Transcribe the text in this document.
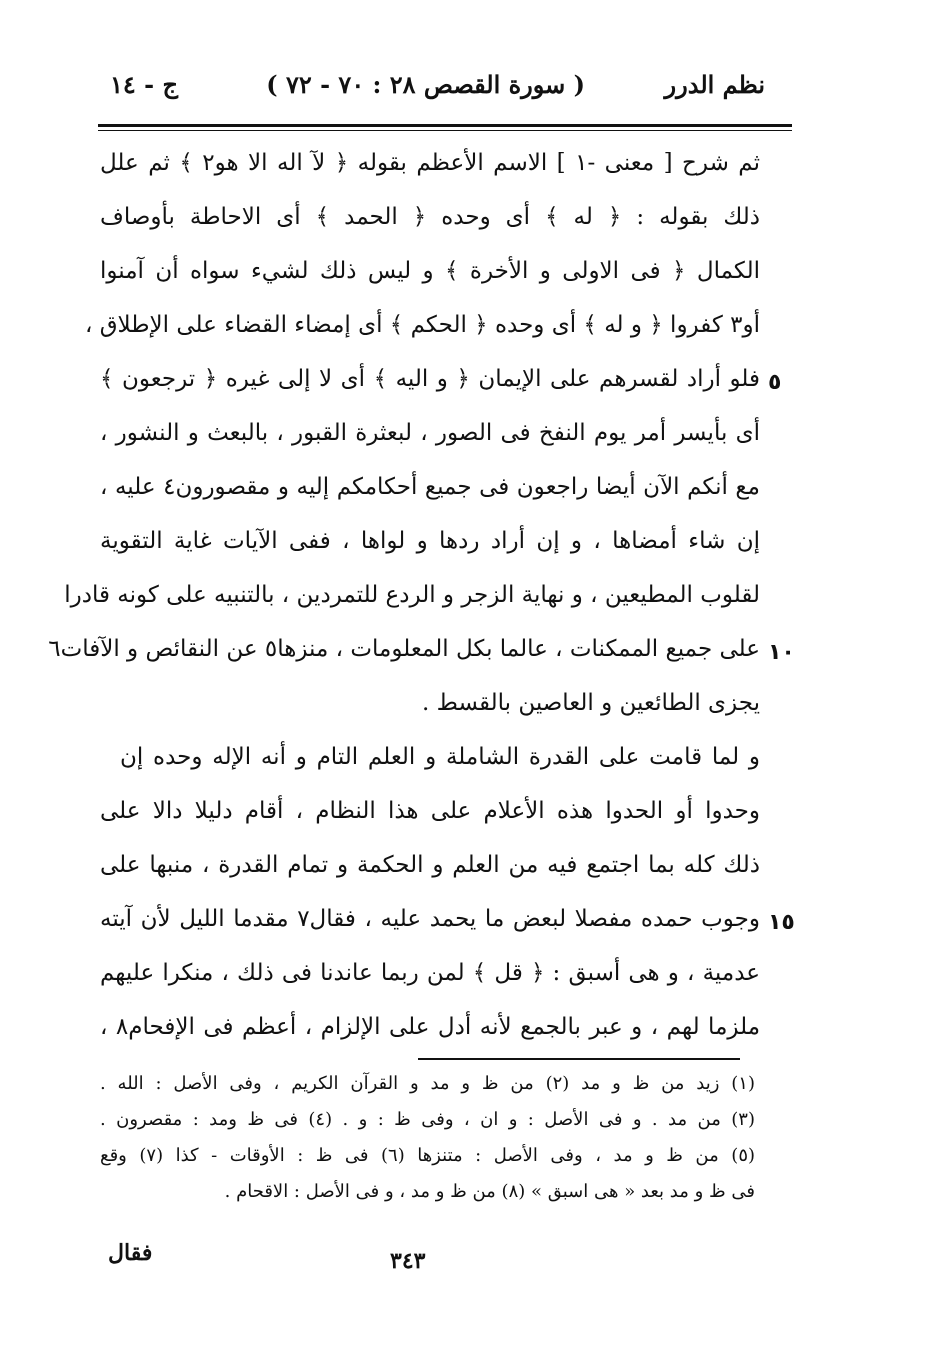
نظم الدرر
( سورة القصص ٢٨ : ٧٠ - ٧٢ )
ج - ١٤
ثم شرح [ معنى -١ ] الاسم الأعظم بقوله ﴿ لآ اله الا هو٢ ﴾ ثم علل
ذلك بقوله : ﴿ له ﴾ أى وحده ﴿ الحمد ﴾ أى الاحاطة بأوصاف
الكمال ﴿ فى الاولى و الأخرة ﴾ و ليس ذلك لشيء سواه أن آمنوا
أو٣ كفروا ﴿ و له ﴾ أى وحده ﴿ الحكم ﴾ أى إمضاء القضاء على الإطلاق ،
فلو أراد لقسرهم على الإيمان ﴿ و اليه ﴾ أى لا إلى غيره ﴿ ترجعون ﴾
أى بأيسر أمر يوم النفخ فى الصور ، لبعثرة القبور ، بالبعث و النشور ،
مع أنكم الآن أيضا راجعون فى جميع أحكامكم إليه و مقصورون٤ عليه ،
إن شاء أمضاها ، و إن أراد ردها و لواها ، ففى الآيات غاية التقوية
لقلوب المطيعين ، و نهاية الزجر و الردع للتمردين ، بالتنبيه على كونه قادرا
على جميع الممكنات ، عالما بكل المعلومات ، منزها٥ عن النقائص و الآفات٦
يجزى الطائعين و العاصين بالقسط .
و لما قامت على القدرة الشاملة و العلم التام و أنه الإله وحده إن
وحدوا أو الحدوا هذه الأعلام على هذا النظام ، أقام دليلا دالا على
ذلك كله بما اجتمع فيه من العلم و الحكمة و تمام القدرة ، منبها على
وجوب حمده مفصلا لبعض ما يحمد عليه ، فقال٧ مقدما الليل لأن آيته
عدمية ، و هى أسبق : ﴿ قل ﴾ لمن ربما عاندنا فى ذلك ، منكرا عليهم
ملزما لهم ، و عبر بالجمع لأنه أدل على الإلزام ، أعظم فى الإفحام٨ ،
٥
١٠
١٥
(١) زيد من ظ و مد (٢) من ظ و مد و القرآن الكريم ، وفى الأصل : الله .
(٣) من مد . و فى الأصل : و ان ، وفى ظ : و . (٤) فى ظ ومد : مقصرون .
(٥) من ظ و مد ، وفى الأصل : متنزها (٦) فى ظ : الأوقات - كذا (٧) وقع
فى ظ و مد بعد « هى اسبق » (٨) من ظ و مد ، و فى الأصل : الاقحام .
فقال	٣٤٣
